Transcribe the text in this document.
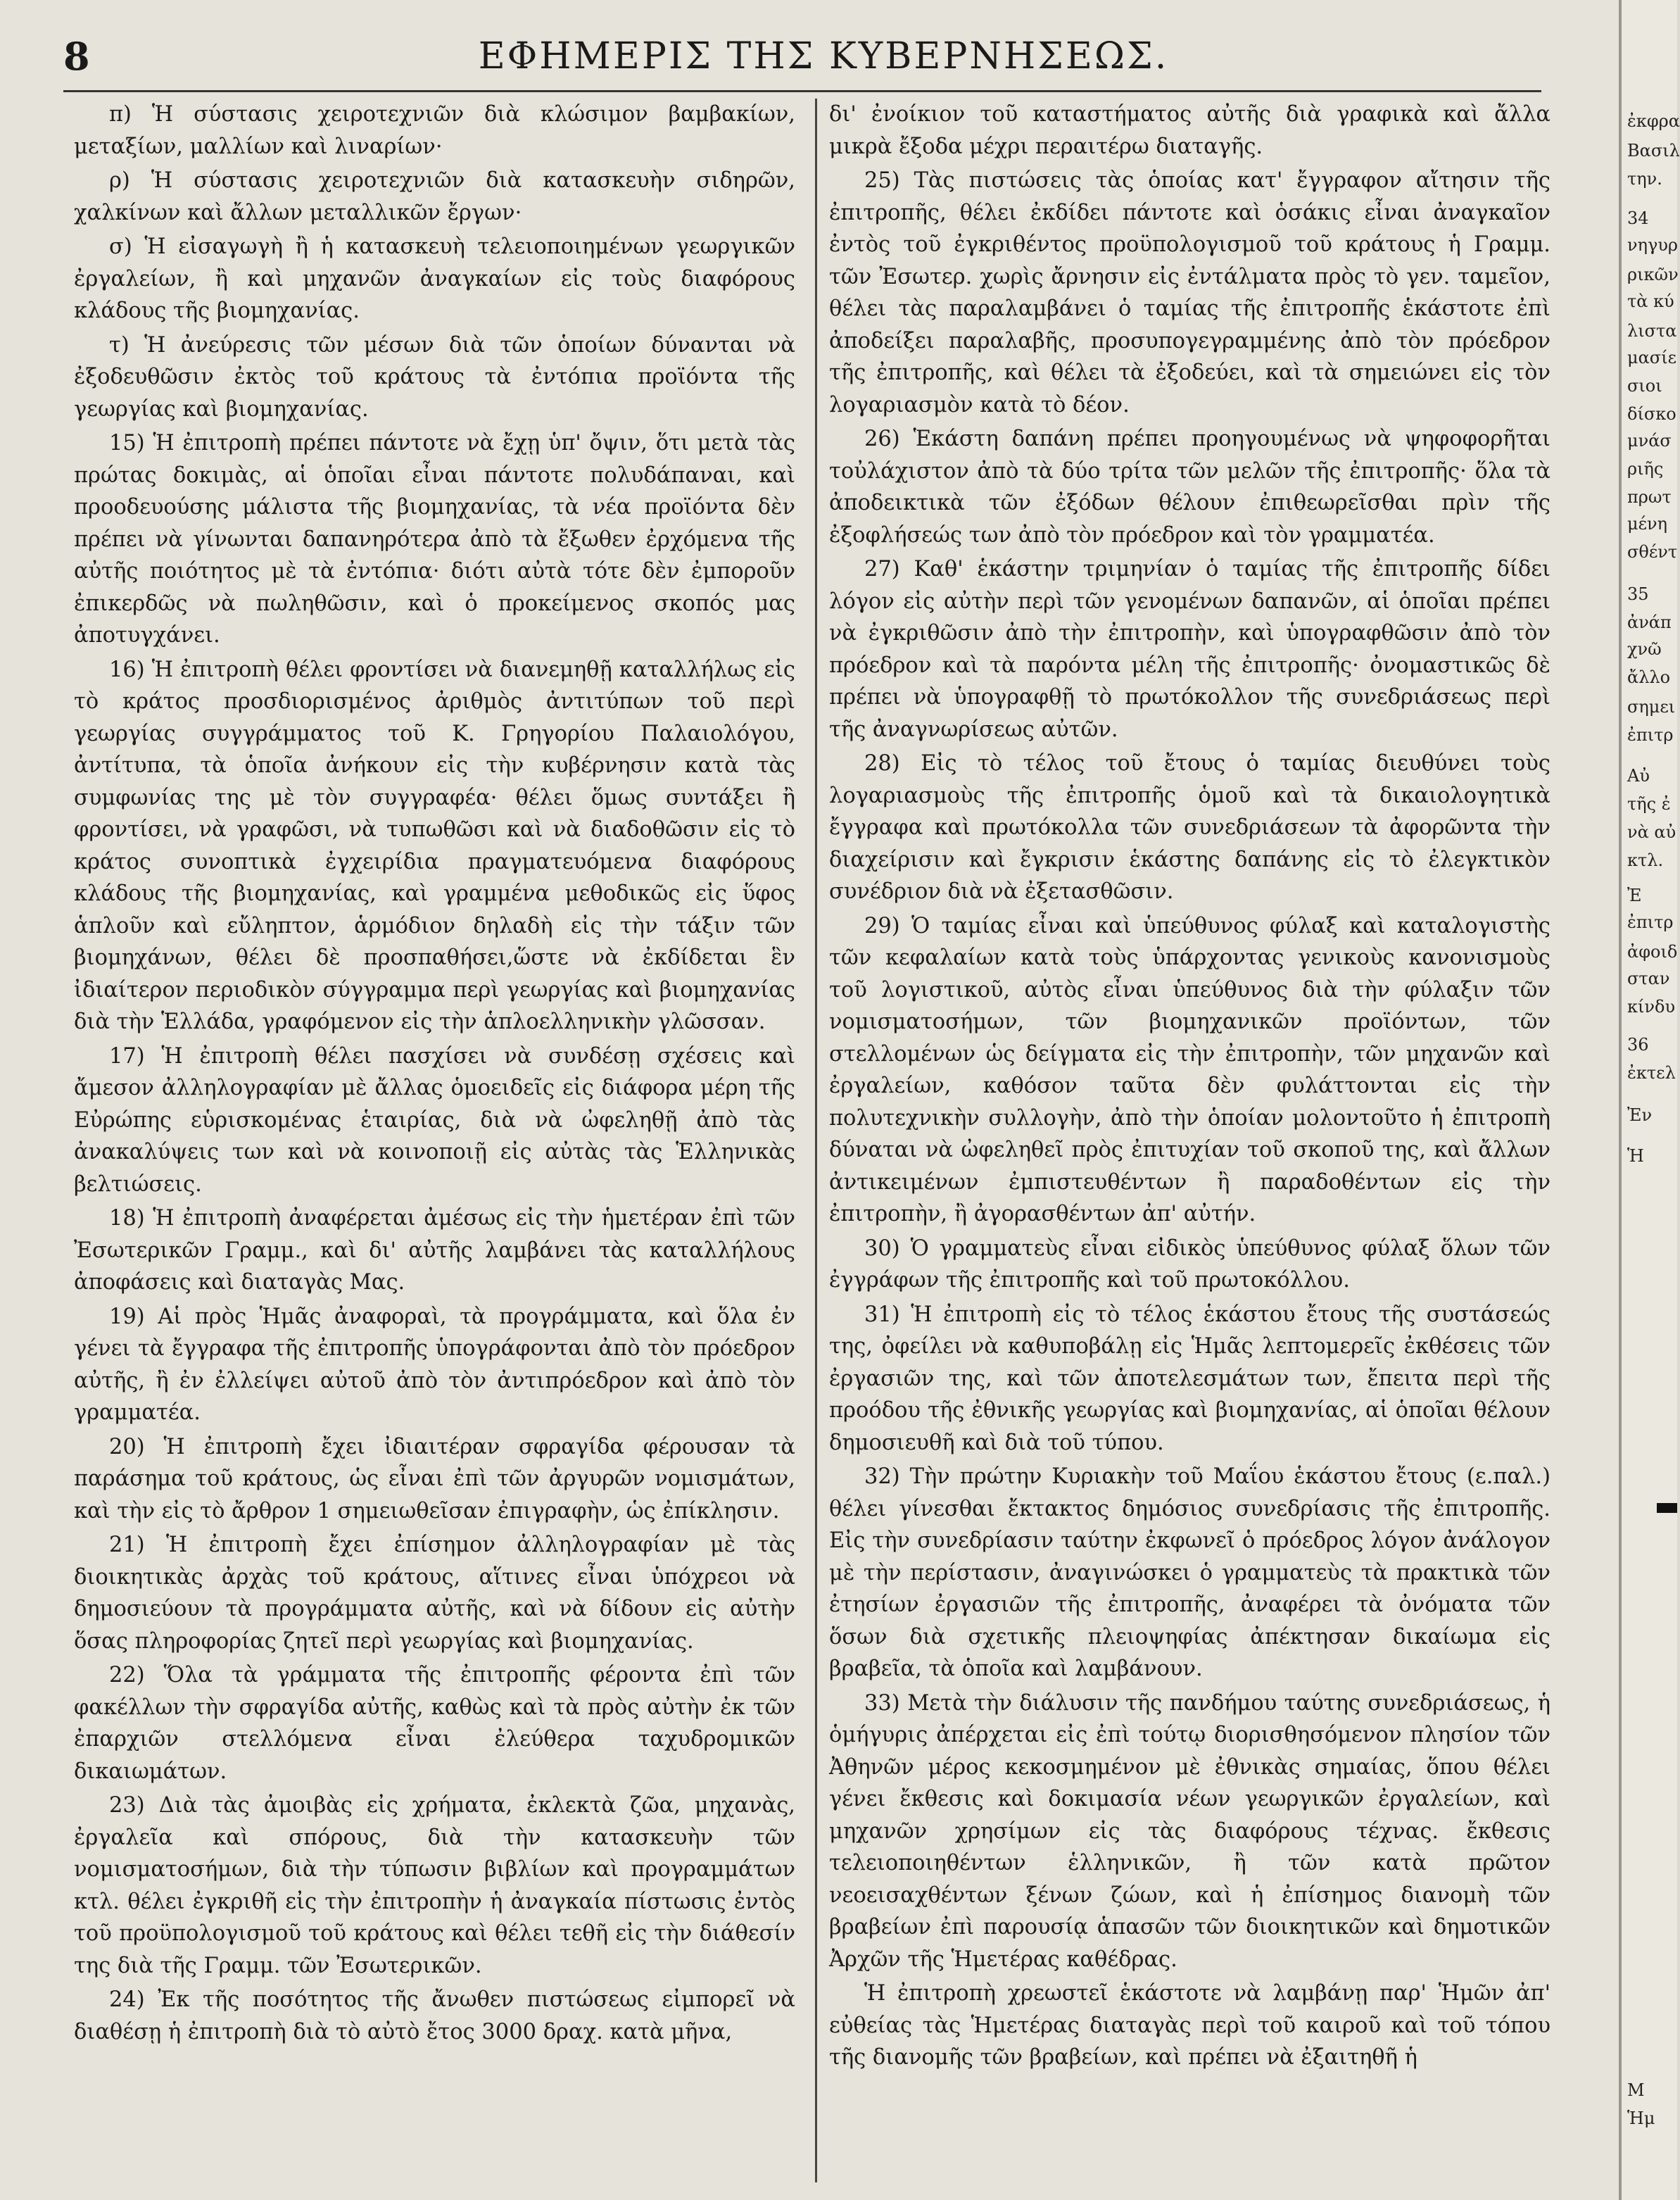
8	ΕΦΗΜΕΡΙΣ ΤΗΣ ΚΥΒΕΡΝΗΣΕΩΣ.

π) Ἡ σύστασις χειροτεχνιῶν διὰ κλώσιμον βαμβακίων, μεταξίων, μαλλίων καὶ λιναρίων·

ρ) Ἡ σύστασις χειροτεχνιῶν διὰ κατασκευὴν σιδηρῶν, χαλκίνων καὶ ἄλλων μεταλλικῶν ἔργων·

σ) Ἡ εἰσαγωγὴ ἢ ἡ κατασκευὴ τελειοποιημένων γεωργικῶν ἐργαλείων, ἢ καὶ μηχανῶν ἀναγκαίων εἰς τοὺς διαφόρους κλάδους τῆς βιομηχανίας.

τ) Ἡ ἀνεύρεσις τῶν μέσων διὰ τῶν ὁποίων δύνανται νὰ ἐξοδευθῶσιν ἐκτὸς τοῦ κράτους τὰ ἐντόπια προϊόντα τῆς γεωργίας καὶ βιομηχανίας.

15) Ἡ ἐπιτροπὴ πρέπει πάντοτε νὰ ἔχῃ ὑπ' ὄψιν, ὅτι μετὰ τὰς πρώτας δοκιμὰς, αἱ ὁποῖαι εἶναι πάντοτε πολυδάπαναι, καὶ προοδευούσης μάλιστα τῆς βιομηχανίας, τὰ νέα προϊόντα δὲν πρέπει νὰ γίνωνται δαπανηρότερα ἀπὸ τὰ ἔξωθεν ἐρχόμενα τῆς αὐτῆς ποιότητος μὲ τὰ ἐντόπια· διότι αὐτὰ τότε δὲν ἐμποροῦν ἐπικερδῶς νὰ πωληθῶσιν, καὶ ὁ προκείμενος σκοπός μας ἀποτυγχάνει.

16) Ἡ ἐπιτροπὴ θέλει φροντίσει νὰ διανεμηθῇ καταλλήλως εἰς τὸ κράτος προσδιορισμένος ἀριθμὸς ἀντιτύπων τοῦ περὶ γεωργίας συγγράμματος τοῦ Κ. Γρηγορίου Παλαιολόγου, ἀντίτυπα, τὰ ὁποῖα ἀνήκουν εἰς τὴν κυβέρνησιν κατὰ τὰς συμφωνίας της μὲ τὸν συγγραφέα· θέλει ὅμως συντάξει ἢ φροντίσει, νὰ γραφῶσι, νὰ τυπωθῶσι καὶ νὰ διαδοθῶσιν εἰς τὸ κράτος συνοπτικὰ ἐγχειρίδια πραγματευόμενα διαφόρους κλάδους τῆς βιομηχανίας, καὶ γραμμένα μεθοδικῶς εἰς ὕφος ἁπλοῦν καὶ εὔληπτον, ἁρμόδιον δηλαδὴ εἰς τὴν τάξιν τῶν βιομηχάνων, θέλει δὲ προσπαθήσει,ὥστε νὰ ἐκδίδεται ἓν ἰδιαίτερον περιοδικὸν σύγγραμμα περὶ γεωργίας καὶ βιομηχανίας διὰ τὴν Ἑλλάδα, γραφόμενον εἰς τὴν ἁπλοελληνικὴν γλῶσσαν.

17) Ἡ ἐπιτροπὴ θέλει πασχίσει νὰ συνδέσῃ σχέσεις καὶ ἄμεσον ἀλληλογραφίαν μὲ ἄλλας ὁμοειδεῖς εἰς διάφορα μέρη τῆς Εὐρώπης εὑρισκομένας ἑταιρίας, διὰ νὰ ὠφεληθῇ ἀπὸ τὰς ἀνακαλύψεις των καὶ νὰ κοινοποιῇ εἰς αὐτὰς τὰς Ἑλληνικὰς βελτιώσεις.

18) Ἡ ἐπιτροπὴ ἀναφέρεται ἀμέσως εἰς τὴν ἡμετέραν ἐπὶ τῶν Ἐσωτερικῶν Γραμμ., καὶ δι' αὐτῆς λαμβάνει τὰς καταλλήλους ἀποφάσεις καὶ διαταγὰς Μας.

19) Αἱ πρὸς Ἡμᾶς ἀναφοραὶ, τὰ προγράμματα, καὶ ὅλα ἐν γένει τὰ ἔγγραφα τῆς ἐπιτροπῆς ὑπογράφονται ἀπὸ τὸν πρόεδρον αὐτῆς, ἢ ἐν ἐλλείψει αὐτοῦ ἀπὸ τὸν ἀντιπρόεδρον καὶ ἀπὸ τὸν γραμματέα.

20) Ἡ ἐπιτροπὴ ἔχει ἰδιαιτέραν σφραγίδα φέρουσαν τὰ παράσημα τοῦ κράτους, ὡς εἶναι ἐπὶ τῶν ἀργυρῶν νομισμάτων, καὶ τὴν εἰς τὸ ἄρθρον 1 σημειωθεῖσαν ἐπιγραφὴν, ὡς ἐπίκλησιν.

21) Ἡ ἐπιτροπὴ ἔχει ἐπίσημον ἀλληλογραφίαν μὲ τὰς διοικητικὰς ἀρχὰς τοῦ κράτους, αἵτινες εἶναι ὑπόχρεοι νὰ δημοσιεύουν τὰ προγράμματα αὐτῆς, καὶ νὰ δίδουν εἰς αὐτὴν ὅσας πληροφορίας ζητεῖ περὶ γεωργίας καὶ βιομηχανίας.

22) Ὅλα τὰ γράμματα τῆς ἐπιτροπῆς φέροντα ἐπὶ τῶν φακέλλων τὴν σφραγίδα αὐτῆς, καθὼς καὶ τὰ πρὸς αὐτὴν ἐκ τῶν ἐπαρχιῶν στελλόμενα εἶναι ἐλεύθερα ταχυδρομικῶν δικαιωμάτων.

23) Διὰ τὰς ἀμοιβὰς εἰς χρήματα, ἐκλεκτὰ ζῶα, μηχανὰς, ἐργαλεῖα καὶ σπόρους, διὰ τὴν κατασκευὴν τῶν νομισματοσήμων, διὰ τὴν τύπωσιν βιβλίων καὶ προγραμμάτων κτλ. θέλει ἐγκριθῆ εἰς τὴν ἐπιτροπὴν ἡ ἀναγκαία πίστωσις ἐντὸς τοῦ προϋπολογισμοῦ τοῦ κράτους καὶ θέλει τεθῆ εἰς τὴν διάθεσίν της διὰ τῆς Γραμμ. τῶν Ἐσωτερικῶν.

24) Ἐκ τῆς ποσότητος τῆς ἄνωθεν πιστώσεως εἰμπορεῖ νὰ διαθέσῃ ἡ ἐπιτροπὴ διὰ τὸ αὐτὸ ἔτος 3000 δραχ. κατὰ μῆνα,

δι' ἐνοίκιον τοῦ καταστήματος αὐτῆς διὰ γραφικὰ καὶ ἄλλα μικρὰ ἔξοδα μέχρι περαιτέρω διαταγῆς.

25) Τὰς πιστώσεις τὰς ὁποίας κατ' ἔγγραφον αἴτησιν τῆς ἐπιτροπῆς, θέλει ἐκδίδει πάντοτε καὶ ὁσάκις εἶναι ἀναγκαῖον ἐντὸς τοῦ ἐγκριθέντος προϋπολογισμοῦ τοῦ κράτους ἡ Γραμμ. τῶν Ἐσωτερ. χωρὶς ἄρνησιν εἰς ἐντάλματα πρὸς τὸ γεν. ταμεῖον, θέλει τὰς παραλαμβάνει ὁ ταμίας τῆς ἐπιτροπῆς ἑκάστοτε ἐπὶ ἀποδείξει παραλαβῆς, προσυπογεγραμμένης ἀπὸ τὸν πρόεδρον τῆς ἐπιτροπῆς, καὶ θέλει τὰ ἐξοδεύει, καὶ τὰ σημειώνει εἰς τὸν λογαριασμὸν κατὰ τὸ δέον.

26) Ἑκάστη δαπάνη πρέπει προηγουμένως νὰ ψηφοφορῆται τοὐλάχιστον ἀπὸ τὰ δύο τρίτα τῶν μελῶν τῆς ἐπιτροπῆς· ὅλα τὰ ἀποδεικτικὰ τῶν ἐξόδων θέλουν ἐπιθεωρεῖσθαι πρὶν τῆς ἐξοφλήσεώς των ἀπὸ τὸν πρόεδρον καὶ τὸν γραμματέα.

27) Καθ' ἑκάστην τριμηνίαν ὁ ταμίας τῆς ἐπιτροπῆς δίδει λόγον εἰς αὐτὴν περὶ τῶν γενομένων δαπανῶν, αἱ ὁποῖαι πρέπει νὰ ἐγκριθῶσιν ἀπὸ τὴν ἐπιτροπὴν, καὶ ὑπογραφθῶσιν ἀπὸ τὸν πρόεδρον καὶ τὰ παρόντα μέλη τῆς ἐπιτροπῆς· ὀνομαστικῶς δὲ πρέπει νὰ ὑπογραφθῇ τὸ πρωτόκολλον τῆς συνεδριάσεως περὶ τῆς ἀναγνωρίσεως αὐτῶν.

28) Εἰς τὸ τέλος τοῦ ἔτους ὁ ταμίας διευθύνει τοὺς λογαριασμοὺς τῆς ἐπιτροπῆς ὁμοῦ καὶ τὰ δικαιολογητικὰ ἔγγραφα καὶ πρωτόκολλα τῶν συνεδριάσεων τὰ ἀφορῶντα τὴν διαχείρισιν καὶ ἔγκρισιν ἑκάστης δαπάνης εἰς τὸ ἐλεγκτικὸν συνέδριον διὰ νὰ ἐξετασθῶσιν.

29) Ὁ ταμίας εἶναι καὶ ὑπεύθυνος φύλαξ καὶ καταλογιστὴς τῶν κεφαλαίων κατὰ τοὺς ὑπάρχοντας γενικοὺς κανονισμοὺς τοῦ λογιστικοῦ, αὐτὸς εἶναι ὑπεύθυνος διὰ τὴν φύλαξιν τῶν νομισματοσήμων, τῶν βιομηχανικῶν προϊόντων, τῶν στελλομένων ὡς δείγματα εἰς τὴν ἐπιτροπὴν, τῶν μηχανῶν καὶ ἐργαλείων, καθόσον ταῦτα δὲν φυλάττονται εἰς τὴν πολυτεχνικὴν συλλογὴν, ἀπὸ τὴν ὁποίαν μολοντοῦτο ἡ ἐπιτροπὴ δύναται νὰ ὠφεληθεῖ πρὸς ἐπιτυχίαν τοῦ σκοποῦ της, καὶ ἄλλων ἀντικειμένων ἐμπιστευθέντων ἢ παραδοθέντων εἰς τὴν ἐπιτροπὴν, ἢ ἀγορασθέντων ἀπ' αὐτήν.

30) Ὁ γραμματεὺς εἶναι εἰδικὸς ὑπεύθυνος φύλαξ ὅλων τῶν ἐγγράφων τῆς ἐπιτροπῆς καὶ τοῦ πρωτοκόλλου.

31) Ἡ ἐπιτροπὴ εἰς τὸ τέλος ἑκάστου ἔτους τῆς συστάσεώς της, ὀφείλει νὰ καθυποβάλῃ εἰς Ἡμᾶς λεπτομερεῖς ἐκθέσεις τῶν ἐργασιῶν της, καὶ τῶν ἀποτελεσμάτων των, ἔπειτα περὶ τῆς προόδου τῆς ἐθνικῆς γεωργίας καὶ βιομηχανίας, αἱ ὁποῖαι θέλουν δημοσιευθῆ καὶ διὰ τοῦ τύπου.

32) Τὴν πρώτην Κυριακὴν τοῦ Μαΐου ἑκάστου ἔτους (ε.παλ.) θέλει γίνεσθαι ἔκτακτος δημόσιος συνεδρίασις τῆς ἐπιτροπῆς. Εἰς τὴν συνεδρίασιν ταύτην ἐκφωνεῖ ὁ πρόεδρος λόγον ἀνάλογον μὲ τὴν περίστασιν, ἀναγινώσκει ὁ γραμματεὺς τὰ πρακτικὰ τῶν ἐτησίων ἐργασιῶν τῆς ἐπιτροπῆς, ἀναφέρει τὰ ὀνόματα τῶν ὅσων διὰ σχετικῆς πλειοψηφίας ἀπέκτησαν δικαίωμα εἰς βραβεῖα, τὰ ὁποῖα καὶ λαμβάνουν.

33) Μετὰ τὴν διάλυσιν τῆς πανδήμου ταύτης συνεδριάσεως, ἡ ὁμήγυρις ἀπέρχεται εἰς ἐπὶ τούτῳ διορισθησόμενον πλησίον τῶν Ἀθηνῶν μέρος κεκοσμημένον μὲ ἐθνικὰς σημαίας, ὅπου θέλει γένει ἔκθεσις καὶ δοκιμασία νέων γεωργικῶν ἐργαλείων, καὶ μηχανῶν χρησίμων εἰς τὰς διαφόρους τέχνας. ἔκθεσις τελειοποιηθέντων ἑλληνικῶν, ἢ τῶν κατὰ πρῶτον νεοεισαχθέντων ξένων ζώων, καὶ ἡ ἐπίσημος διανομὴ τῶν βραβείων ἐπὶ παρουσίᾳ ἁπασῶν τῶν διοικητικῶν καὶ δημοτικῶν Ἀρχῶν τῆς Ἡμετέρας καθέδρας.

Ἡ ἐπιτροπὴ χρεωστεῖ ἑκάστοτε νὰ λαμβάνῃ παρ' Ἡμῶν ἀπ' εὐθείας τὰς Ἡμετέρας διαταγὰς περὶ τοῦ καιροῦ καὶ τοῦ τόπου τῆς διανομῆς τῶν βραβείων, καὶ πρέπει νὰ ἐξαιτηθῆ ἡ

ἐκφρα
Βασιλ
την.
34
νηγυρ
ρικῶν
τὰ κύ
λιστα
μασίε
σιοι
δίσκο
μνάσ
ριῆς
πρωτ
μένη
σθέντ
35
ἀνάπ
χνῶ
ἄλλο
σημει
ἐπιτρ
Αὐ
τῆς ἐ
νὰ αὐ
κτλ.
Ἐ
ἐπιτρ
ἀφοιδ
σταν
κίνδυ
36
ἐκτελ
Ἐν
Ἡ
Μ
Ἡμ
